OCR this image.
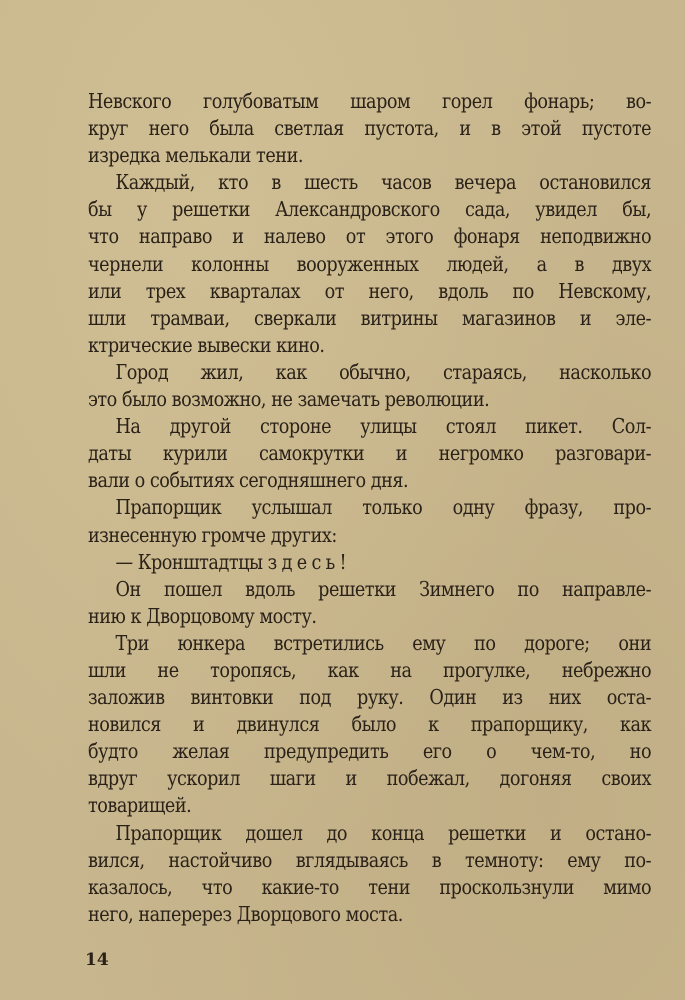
Невского голубоватым шаром горел фонарь; во-
круг него была светлая пустота, и в этой пустоте
изредка мелькали тени.
Каждый, кто в шесть часов вечера остановился
бы у решетки Александровского сада, увидел бы,
что направо и налево от этого фонаря неподвижно
чернели колонны вооруженных людей, а в двух
или трех кварталах от него, вдоль по Невскому,
шли трамваи, сверкали витрины магазинов и эле-
ктрические вывески кино.
Город жил, как обычно, стараясь, насколько
это было возможно, не замечать революции.
На другой стороне улицы стоял пикет. Сол-
даты курили самокрутки и негромко разговари-
вали о событиях сегодняшнего дня.
Прапорщик услышал только одну фразу, про-
изнесенную громче других:
— Кронштадтцы здесь!
Он пошел вдоль решетки Зимнего по направле-
нию к Дворцовому мосту.
Три юнкера встретились ему по дороге; они
шли не торопясь, как на прогулке, небрежно
заложив винтовки под руку. Один из них оста-
новился и двинулся было к прапорщику, как
будто желая предупредить его о чем-то, но
вдруг ускорил шаги и побежал, догоняя своих
товарищей.
Прапорщик дошел до конца решетки и остано-
вился, настойчиво вглядываясь в темноту: ему по-
казалось, что какие-то тени проскользнули мимо
него, наперерез Дворцового моста.
14
